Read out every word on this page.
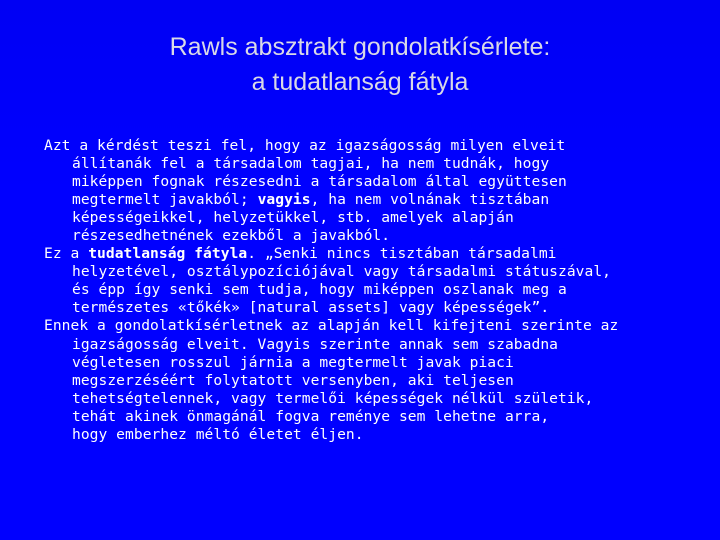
Rawls absztrakt gondolatkísérlete:
a tudatlanság fátyla
Azt a kérdést teszi fel, hogy az igazságosság milyen elveit
állítanák fel a társadalom tagjai, ha nem tudnák, hogy
miképpen fognak részesedni a társadalom által együttesen
megtermelt javakból; vagyis, ha nem volnának tisztában
képességeikkel, helyzetükkel, stb. amelyek alapján
részesedhetnének ezekből a javakból.
Ez a tudatlanság fátyla. „Senki nincs tisztában társadalmi
helyzetével, osztálypozíciójával vagy társadalmi státuszával,
és épp így senki sem tudja, hogy miképpen oszlanak meg a
természetes «tőkék» [natural assets] vagy képességek”.
Ennek a gondolatkísérletnek az alapján kell kifejteni szerinte az
igazságosság elveit. Vagyis szerinte annak sem szabadna
végletesen rosszul járnia a megtermelt javak piaci
megszerzéséért folytatott versenyben, aki teljesen
tehetségtelennek, vagy termelői képességek nélkül születik,
tehát akinek önmagánál fogva reménye sem lehetne arra,
hogy emberhez méltó életet éljen.
